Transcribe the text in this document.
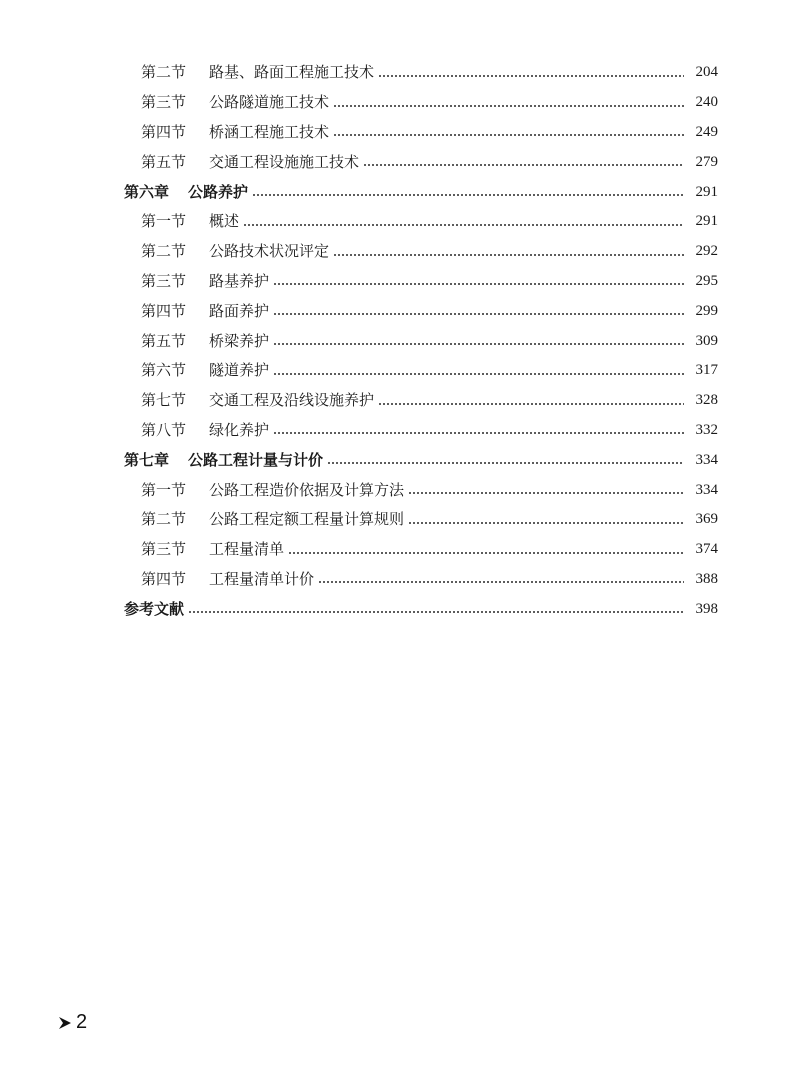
第二节	路基、路面工程施工技术	204
第三节	公路隧道施工技术	240
第四节	桥涵工程施工技术	249
第五节	交通工程设施施工技术	279
第六章	公路养护	291
第一节	概述	291
第二节	公路技术状况评定	292
第三节	路基养护	295
第四节	路面养护	299
第五节	桥梁养护	309
第六节	隧道养护	317
第七节	交通工程及沿线设施养护	328
第八节	绿化养护	332
第七章	公路工程计量与计价	334
第一节	公路工程造价依据及计算方法	334
第二节	公路工程定额工程量计算规则	369
第三节	工程量清单	374
第四节	工程量清单计价	388
参考文献	398
2
